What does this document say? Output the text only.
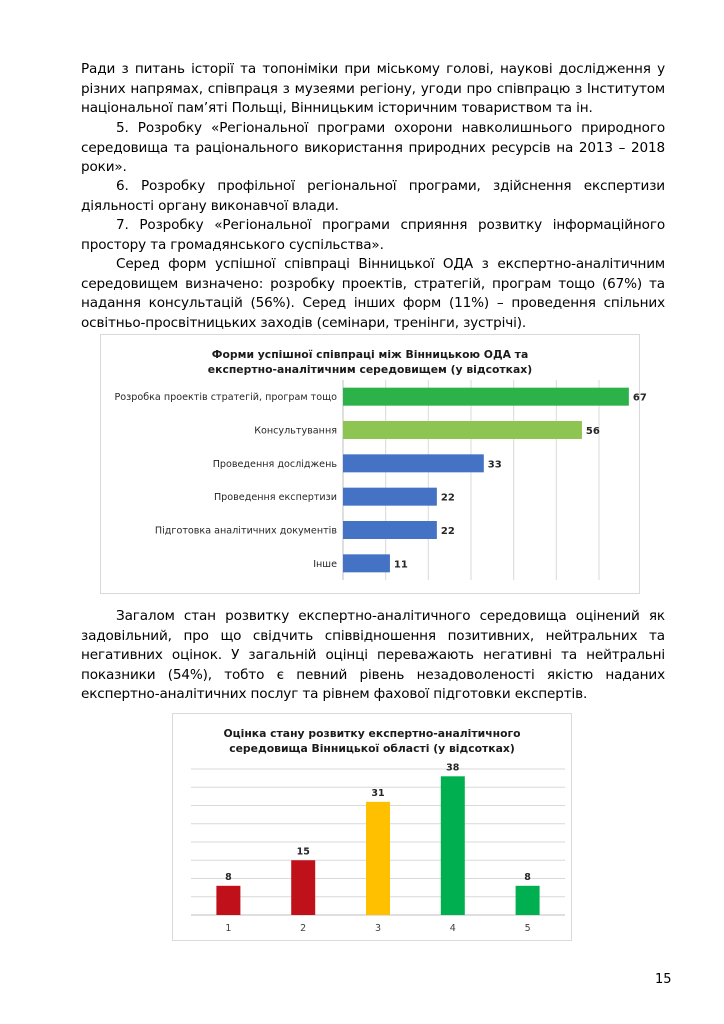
Ради з питань історії та топоніміки при міському голові, наукові дослідження у різних напрямах, співпраця з музеями регіону, угоди про співпрацю з Інститутом національної пам’яті Польщі, Вінницьким історичним товариством та ін.

5. Розробку «Регіональної програми охорони навколишнього природного середовища та раціонального використання природних ресурсів на 2013 – 2018 роки».

6. Розробку профільної регіональної програми, здійснення експертизи діяльності органу виконавчої влади.

7. Розробку «Регіональної програми сприяння розвитку інформаційного простору та громадянського суспільства».

Серед форм успішної співпраці Вінницької ОДА з експертно-аналітичним середовищем визначено: розробку проектів, стратегій, програм тощо (67%) та надання консультацій (56%). Серед інших форм (11%) – проведення спільних освітньо-просвітницьких заходів (семінари, тренінги, зустрічі).

Форми успішної співпраці між Вінницькою ОДА та
експертно-аналітичним середовищем (у відсотках)
Розробка проектів стратегій, програм тощо	67
Консультування	56
Проведення досліджень	33
Проведення експертизи	22
Підготовка аналітичних документів	22
Інше	11

Загалом стан розвитку експертно-аналітичного середовища оцінений як задовільний, про що свідчить співвідношення позитивних, нейтральних та негативних оцінок. У загальній оцінці переважають негативні та нейтральні показники (54%), тобто є певний рівень незадоволеності якістю наданих експертно-аналітичних послуг та рівнем фахової підготовки експертів.

Оцінка стану розвитку експертно-аналітичного
середовища Вінницької області (у відсотках)
8
1
15
2
31
3
38
4
8
5
15
